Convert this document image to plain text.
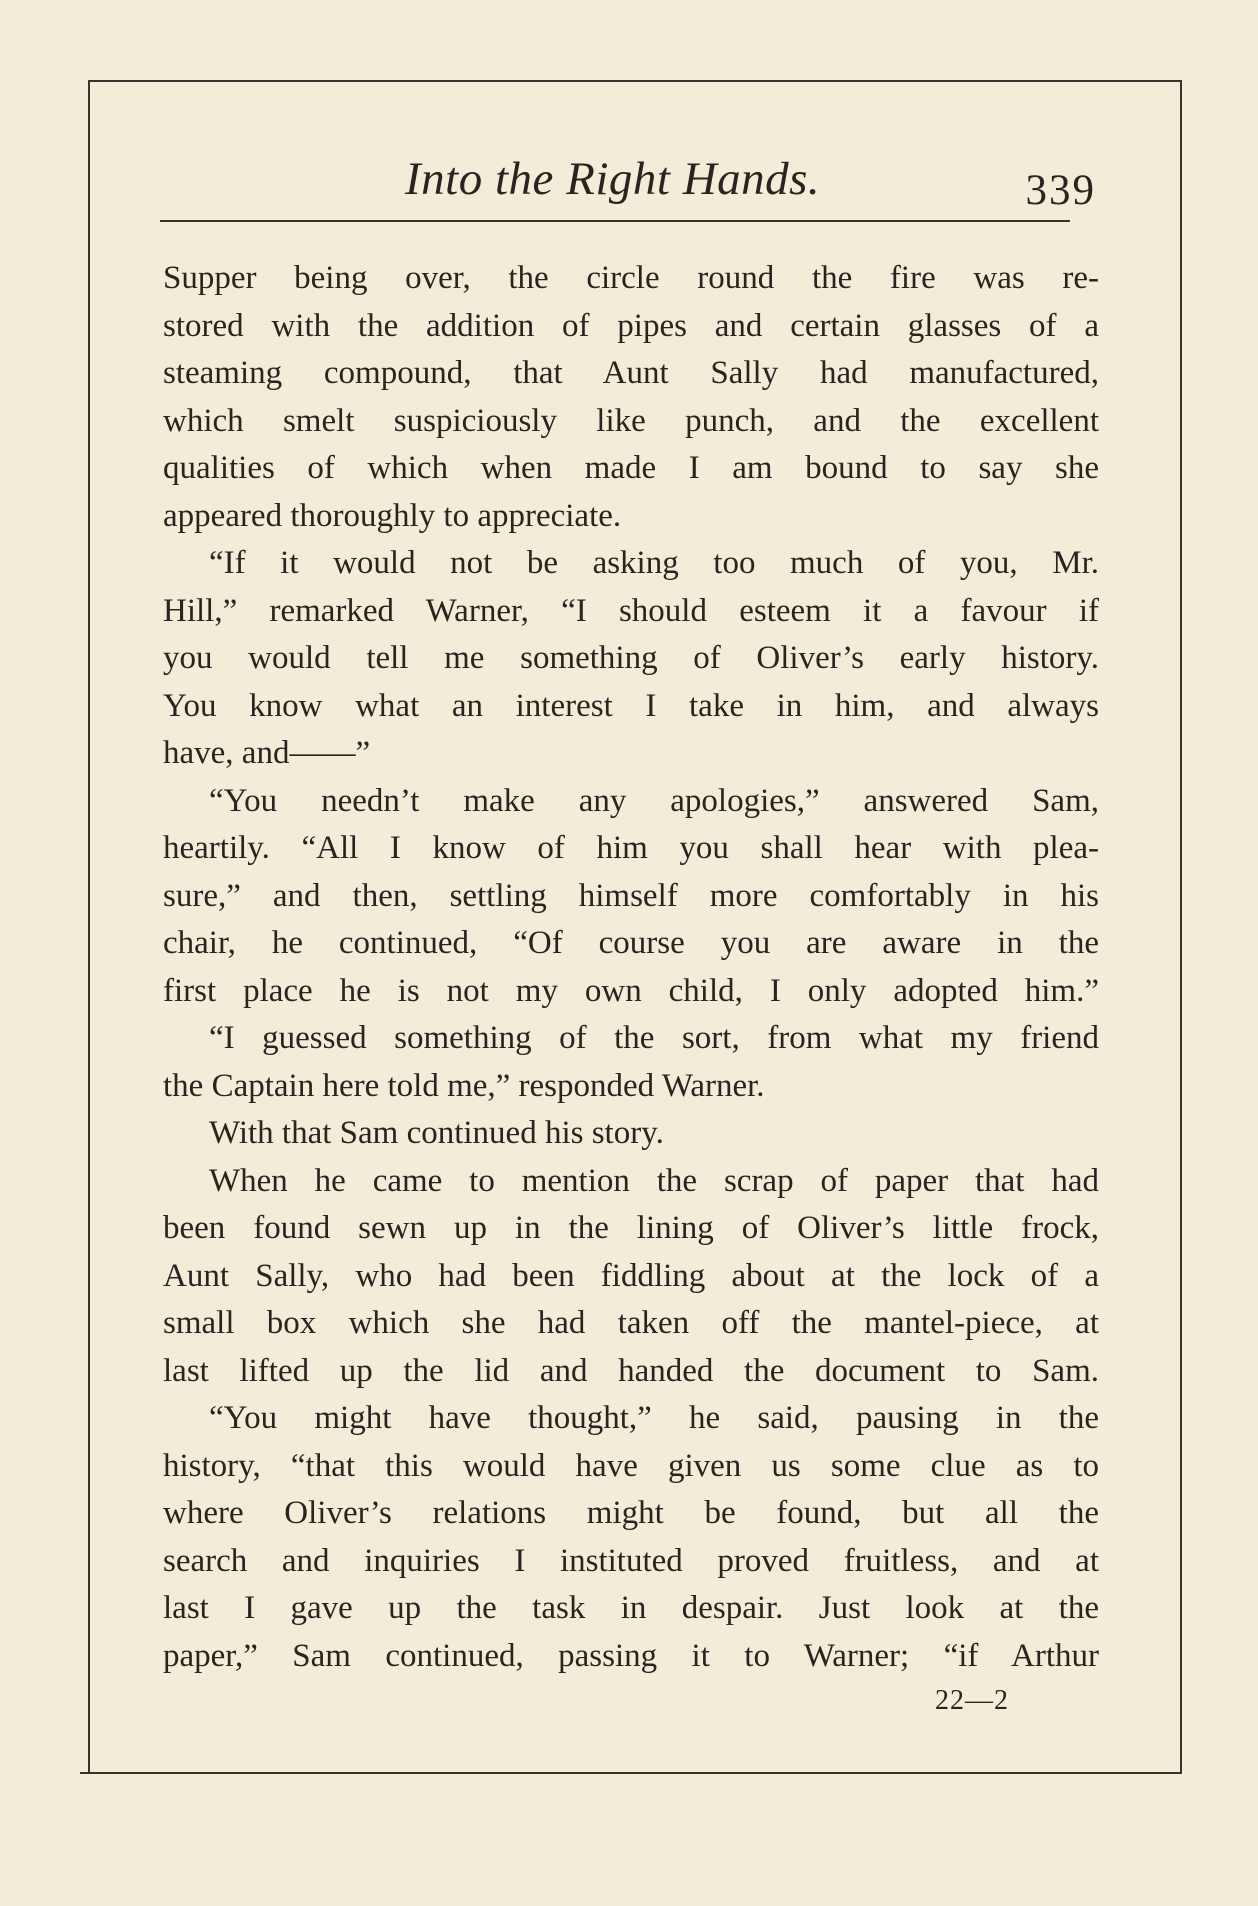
Into the Right Hands.	339
Supper being over, the circle round the fire was re-
stored with the addition of pipes and certain glasses of a
steaming compound, that Aunt Sally had manufactured,
which smelt suspiciously like punch, and the excellent
qualities of which when made I am bound to say she
appeared thoroughly to appreciate.
“If it would not be asking too much of you, Mr.
Hill,” remarked Warner, “I should esteem it a favour if
you would tell me something of Oliver’s early history.
You know what an interest I take in him, and always
have, and——”
“You needn’t make any apologies,” answered Sam,
heartily. “All I know of him you shall hear with plea-
sure,” and then, settling himself more comfortably in his
chair, he continued, “Of course you are aware in the
first place he is not my own child, I only adopted him.”
“I guessed something of the sort, from what my friend
the Captain here told me,” responded Warner.
With that Sam continued his story.
When he came to mention the scrap of paper that had
been found sewn up in the lining of Oliver’s little frock,
Aunt Sally, who had been fiddling about at the lock of a
small box which she had taken off the mantel-piece, at
last lifted up the lid and handed the document to Sam.
“You might have thought,” he said, pausing in the
history, “that this would have given us some clue as to
where Oliver’s relations might be found, but all the
search and inquiries I instituted proved fruitless, and at
last I gave up the task in despair. Just look at the
paper,” Sam continued, passing it to Warner; “if Arthur
22—2
